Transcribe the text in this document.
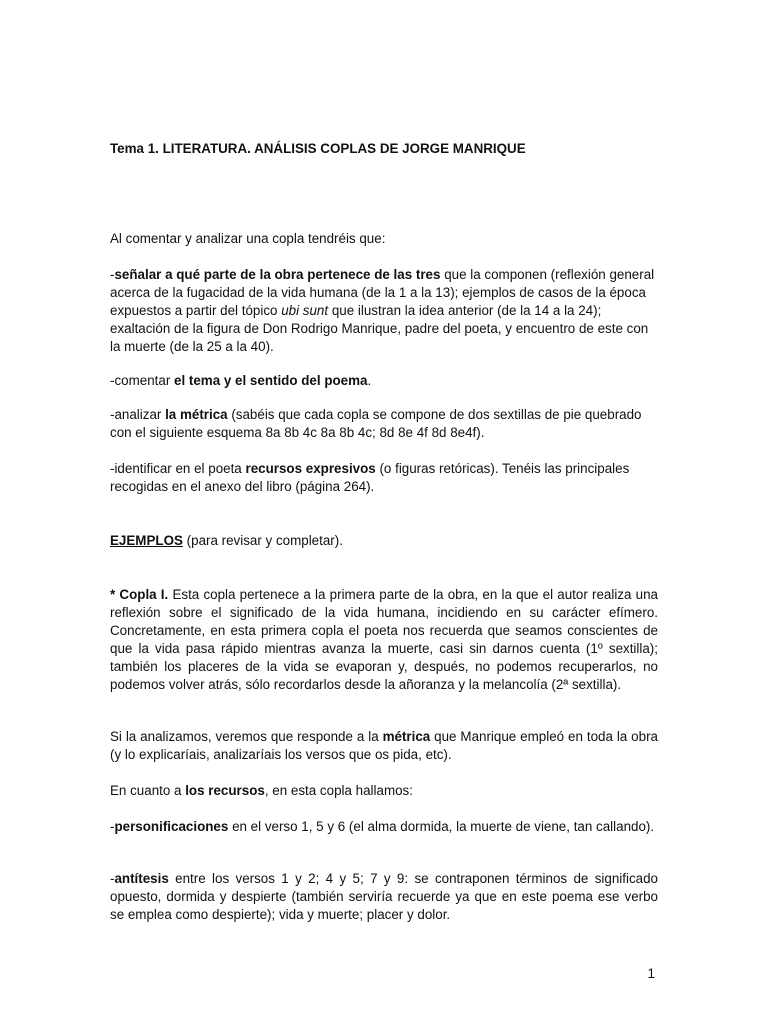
Tema 1. LITERATURA. ANÁLISIS COPLAS DE JORGE MANRIQUE

Al comentar y analizar una copla tendréis que:

-señalar a qué parte de la obra pertenece de las tres que la componen (reflexión general acerca de la fugacidad de la vida humana (de la 1 a la 13); ejemplos de casos de la época expuestos a partir del tópico ubi sunt que ilustran la idea anterior (de la 14 a la 24); exaltación de la figura de Don Rodrigo Manrique, padre del poeta, y encuentro de este con la muerte (de la 25 a la 40).

-comentar el tema y el sentido del poema.

-analizar la métrica (sabéis que cada copla se compone de dos sextillas de pie quebrado con el siguiente esquema 8a 8b 4c 8a 8b 4c; 8d 8e 4f 8d 8e4f).

-identificar en el poeta recursos expresivos (o figuras retóricas). Tenéis las principales recogidas en el anexo del libro (página 264).

EJEMPLOS (para revisar y completar).

* Copla I. Esta copla pertenece a la primera parte de la obra, en la que el autor realiza una reflexión sobre el significado de la vida humana, incidiendo en su carácter efímero. Concretamente, en esta primera copla el poeta nos recuerda que seamos conscientes de que la vida pasa rápido mientras avanza la muerte, casi sin darnos cuenta (1º sextilla); también los placeres de la vida se evaporan y, después, no podemos recuperarlos, no podemos volver atrás, sólo recordarlos desde la añoranza y la melancolía (2ª sextilla).

Si la analizamos, veremos que responde a la métrica que Manrique empleó en toda la obra (y lo explicaríais, analizaríais los versos que os pida, etc).

En cuanto a los recursos, en esta copla hallamos:

-personificaciones en el verso 1, 5 y 6 (el alma dormida, la muerte de viene, tan callando).

-antítesis entre los versos 1 y 2; 4 y 5; 7 y 9: se contraponen términos de significado opuesto, dormida y despierte (también serviría recuerde ya que en este poema ese verbo se emplea como despierte); vida y muerte; placer y dolor.

1
